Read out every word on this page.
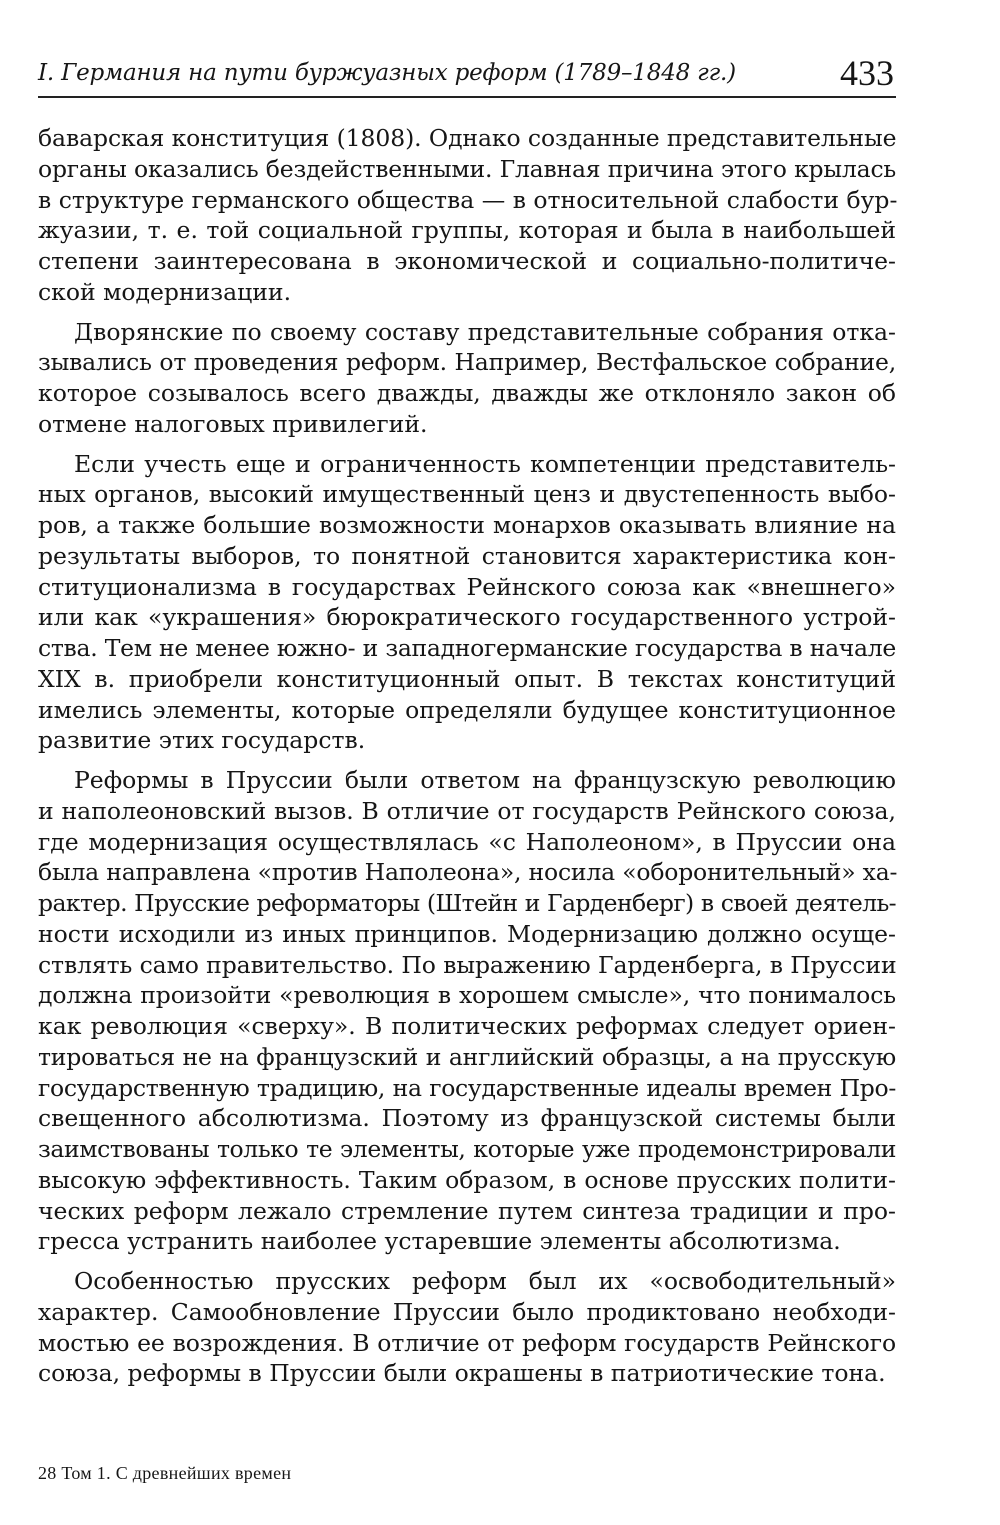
I. Германия на пути буржуазных реформ (1789–1848 гг.)	433
баварская конституция (1808). Однако созданные представительные
органы оказались бездейственными. Главная причина этого крылась
в структуре германского общества — в относительной слабости бур-
жуазии, т. е. той социальной группы, которая и была в наибольшей
степени заинтересована в экономической и социально-политиче-
ской модернизации.
Дворянские по своему составу представительные собрания отка-
зывались от проведения реформ. Например, Вестфальское собрание,
которое созывалось всего дважды, дважды же отклоняло закон об
отмене налоговых привилегий.
Если учесть еще и ограниченность компетенции представитель-
ных органов, высокий имущественный ценз и двустепенность выбо-
ров, а также большие возможности монархов оказывать влияние на
результаты выборов, то понятной становится характеристика кон-
ституционализма в государствах Рейнского союза как «внешнего»
или как «украшения» бюрократического государственного устрой-
ства. Тем не менее южно- и западногерманские государства в начале
XIX в. приобрели конституционный опыт. В текстах конституций
имелись элементы, которые определяли будущее конституционное
развитие этих государств.
Реформы в Пруссии были ответом на французскую революцию
и наполеоновский вызов. В отличие от государств Рейнского союза,
где модернизация осуществлялась «с Наполеоном», в Пруссии она
была направлена «против Наполеона», носила «оборонительный» ха-
рактер. Прусские реформаторы (Штейн и Гарденберг) в своей деятель-
ности исходили из иных принципов. Модернизацию должно осуще-
ствлять само правительство. По выражению Гарденберга, в Пруссии
должна произойти «революция в хорошем смысле», что понималось
как революция «сверху». В политических реформах следует ориен-
тироваться не на французский и английский образцы, а на прусскую
государственную традицию, на государственные идеалы времен Про-
свещенного абсолютизма. Поэтому из французской системы были
заимствованы только те элементы, которые уже продемонстрировали
высокую эффективность. Таким образом, в основе прусских полити-
ческих реформ лежало стремление путем синтеза традиции и про-
гресса устранить наиболее устаревшие элементы абсолютизма.
Особенностью прусских реформ был их «освободительный»
характер. Самообновление Пруссии было продиктовано необходи-
мостью ее возрождения. В отличие от реформ государств Рейнского
союза, реформы в Пруссии были окрашены в патриотические тона.
28 Том 1. С древнейших времен
